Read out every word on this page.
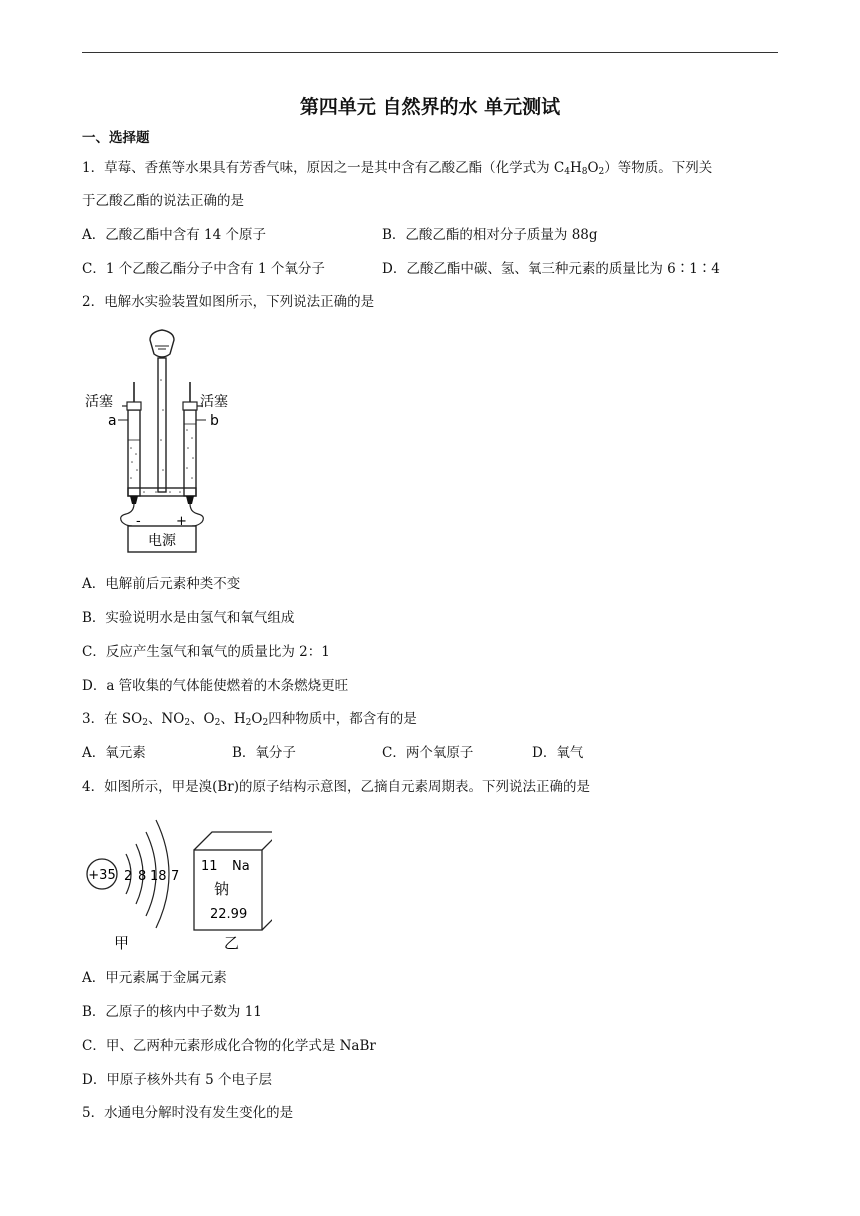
第四单元 自然界的水 单元测试
一、选择题
1．草莓、香蕉等水果具有芳香气味，原因之一是其中含有乙酸乙酯（化学式为 $C_4H_8O_2$）等物质。下列关
于乙酸乙酯的说法正确的是
A．乙酸乙酯中含有 14 个原子	B．乙酸乙酯的相对分子质量为 88g
C．1 个乙酸乙酯分子中含有 1 个氧分子	D．乙酸乙酯中碳、氢、氧三种元素的质量比为 6∶1∶4
2．电解水实验装置如图所示，下列说法正确的是
活塞	活塞
a	b
-	+
电源
A．电解前后元素种类不变
B．实验说明水是由氢气和氧气组成
C．反应产生氢气和氧气的质量比为 2：1
D．a 管收集的气体能使燃着的木条燃烧更旺
3．在 $SO_2$、$NO_2$、$O_2$、$H_2O_2$四种物质中，都含有的是
A．氧元素	B．氧分子	C．两个氧原子	D．氧气
4．如图所示，甲是溴(Br)的原子结构示意图，乙摘自元素周期表。下列说法正确的是
+35 2 8 18 7
甲
11 Na
钠
22.99
乙
A．甲元素属于金属元素
B．乙原子的核内中子数为 11
C．甲、乙两种元素形成化合物的化学式是 NaBr
D．甲原子核外共有 5 个电子层
5．水通电分解时没有发生变化的是
